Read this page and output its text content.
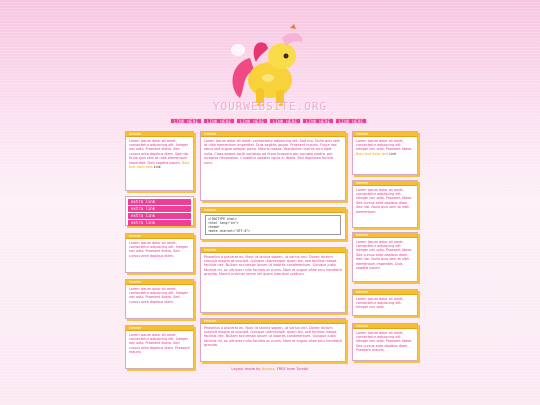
YOURWEBSITE.ORG
LINK HERE	LINK HERE	LINK HERE	LINK HERE	LINK HERE	LINK HERE
header
Lorem ipsum dolor sit amet, consectetur adipiscing elit. Integer nec odio. Praesent libero. Sed cursus ante dapibus diam. Sed nisi. Nulla quis sem at nibh elementum imperdiet. Duis sagittis ipsum. Bold text Italic text Link
extra link
extra link
extra link
extra link
header
Lorem ipsum dolor sit amet, consectetur adipiscing elit. Integer nec odio. Praesent libero. Sed cursus ante dapibus diam.
header
Lorem ipsum dolor sit amet, consectetur adipiscing elit. Integer nec odio. Praesent libero. Sed cursus ante dapibus diam.
header
Lorem ipsum dolor sit amet, consectetur adipiscing elit. Integer nec odio. Praesent libero. Sed cursus ante dapibus diam. Praesent mauris.
header
Lorem ipsum dolor sit amet, consectetur adipiscing elit. Sed nisi. Nulla quis sem at nibh elementum imperdiet. Duis sagittis ipsum. Praesent mauris. Fusce nec tellus sed augue semper porta. Mauris massa. Vestibulum lacinia arcu eget nulla. Class aptent taciti sociosqu ad litora torquent per conubia nostra, per inceptos himenaeos. Curabitur sodales ligula in libero. Sed dignissim lacinia nunc.
header
<!DOCTYPE html>
<html lang="en">
<head>
<meta charset="UTF-8">
header
Phasellus a placerat ex. Nunc id lacinia sapien, ut varius orci. Donec dictum suscipit magna at suscipit. Quisque ullamcorper quam leo, sed facilisis massa facilisis nec. Nullam accumsan ipsum ut lobortis condimentum. Quisque justo facilisis mi, ac ultricies nulla facilisis ac purus. Nam et augue vitae arcu hendrerit gravida. Mauris pulvinar lorem vel quam interdum pretium.
header
Phasellus a placerat ex. Nunc id lacinia sapien, ut varius orci. Donec dictum suscipit magna at suscipit. Quisque ullamcorper quam leo, sed facilisis massa facilisis nec. Nullam accumsan ipsum ut lobortis condimentum. Quisque justo facilisis mi, ac ultricies nulla facilisis ac purus. Nam et augue vitae arcu hendrerit gravida.
header
Lorem ipsum dolor sit amet, consectetur adipiscing elit. Integer nec odio. Praesent libero. Bold text Italic text Link
header
Lorem ipsum dolor sit amet, consectetur adipiscing elit. Integer nec odio. Praesent libero. Sed cursus ante dapibus diam. Sed nisi. Nulla quis sem at nibh elementum.
header
Lorem ipsum dolor sit amet, consectetur adipiscing elit. Integer nec odio. Praesent libero. Sed cursus ante dapibus diam. Sed nisi. Nulla quis sem at nibh elementum imperdiet. Duis sagittis ipsum.
header
Lorem ipsum dolor sit amet, consectetur adipiscing elit. Integer nec odio.
header
Lorem ipsum dolor sit amet, consectetur adipiscing elit. Integer nec odio. Praesent libero. Sed cursus ante dapibus diam. Praesent mauris.
Layout made by Heoras. FREE from Tumblr
